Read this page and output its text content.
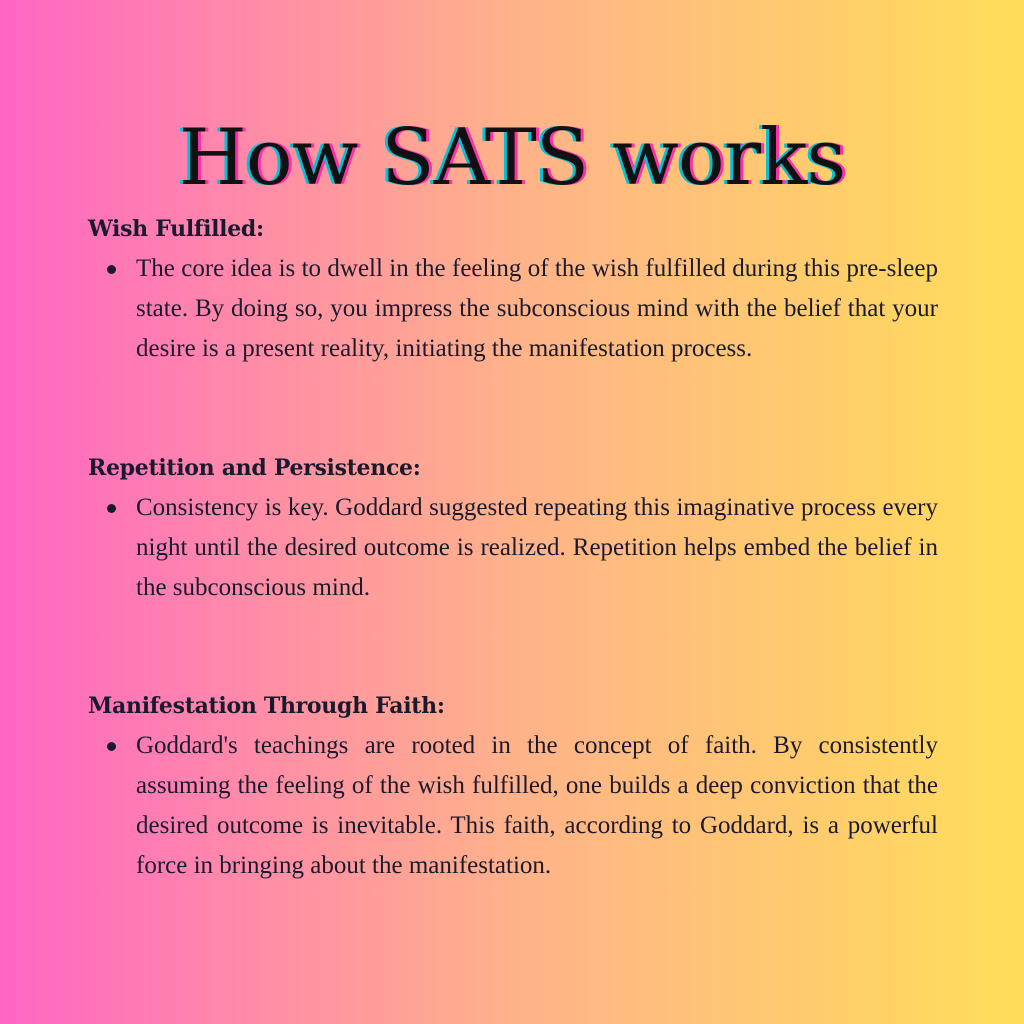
How SATS works
Wish Fulfilled:
The core idea is to dwell in the feeling of the wish fulfilled during this pre-sleep state. By doing so, you impress the subconscious mind with the belief that your desire is a present reality, initiating the manifestation process.
Repetition and Persistence:
Consistency is key. Goddard suggested repeating this imaginative process every night until the desired outcome is realized. Repetition helps embed the belief in the subconscious mind.
Manifestation Through Faith:
Goddard's teachings are rooted in the concept of faith. By consistently assuming the feeling of the wish fulfilled, one builds a deep conviction that the desired outcome is inevitable. This faith, according to Goddard, is a powerful force in bringing about the manifestation.
